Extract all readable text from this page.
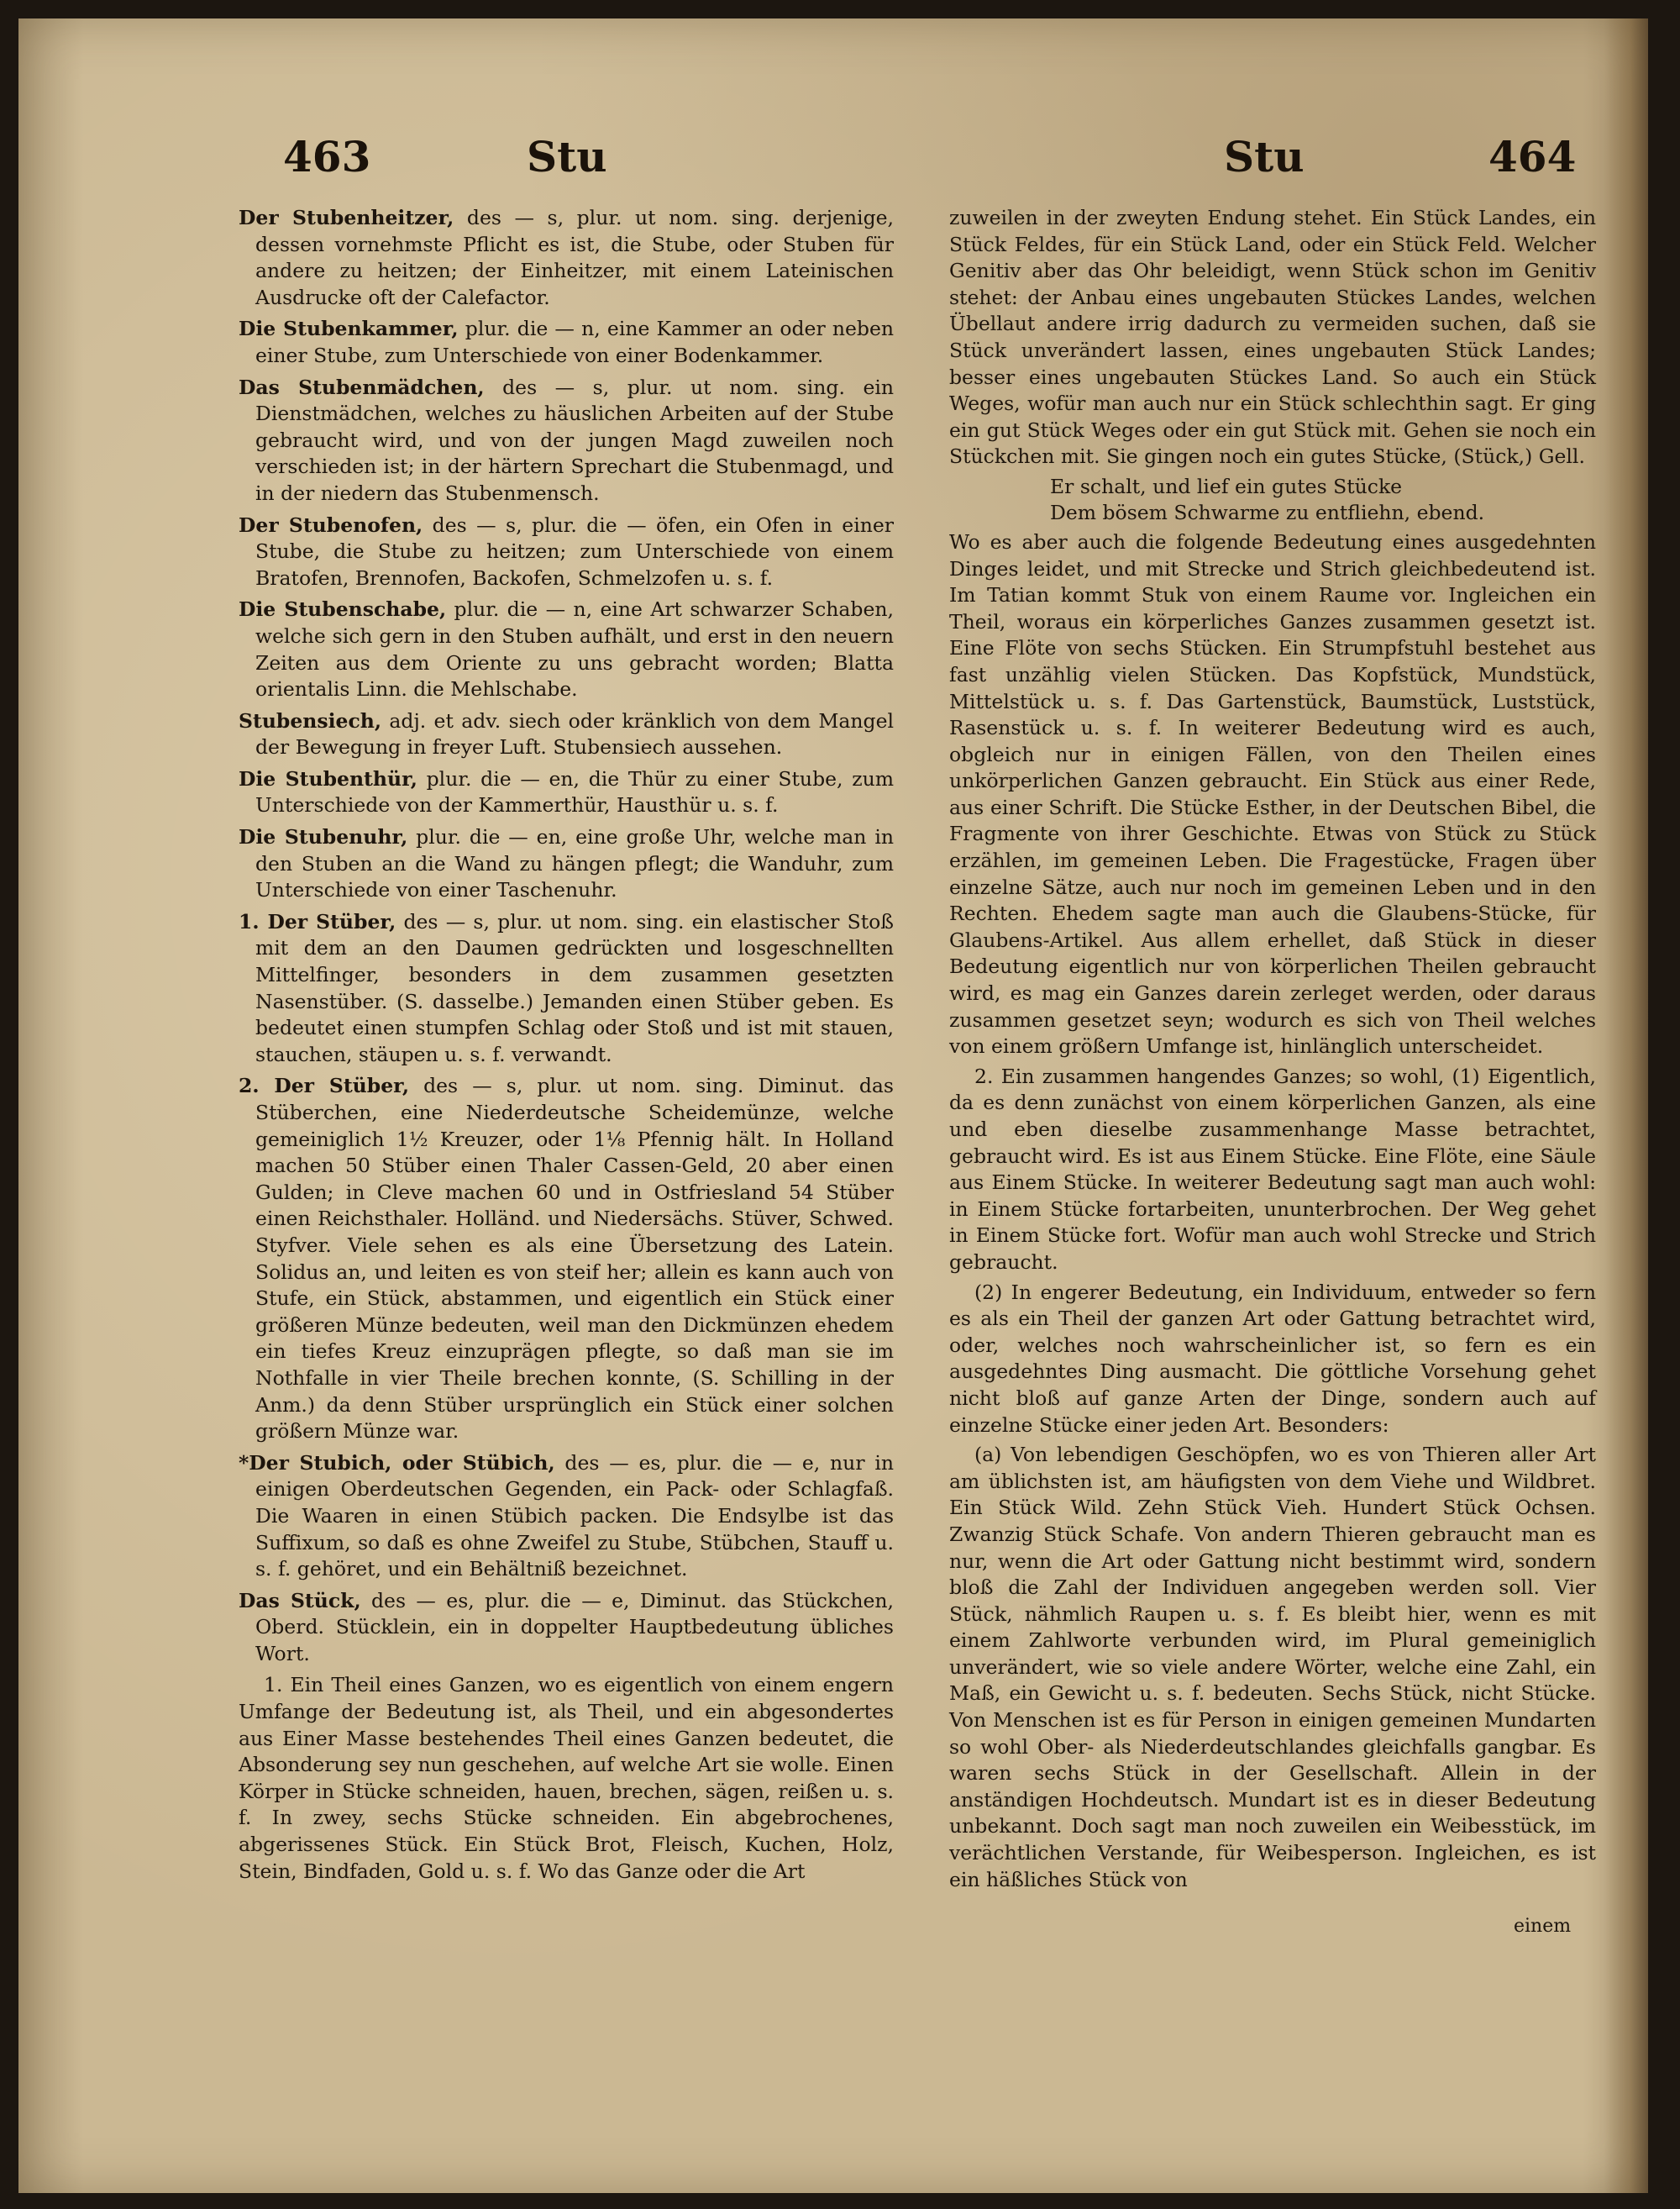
463	Stu	Stu	464
Der Stubenheitzer, des — s, plur. ut nom. sing. derjenige, dessen vornehmste Pflicht es ist, die Stube, oder Stuben für andere zu heitzen; der Einheitzer, mit einem Lateinischen Ausdrucke oft der Calefactor.
Die Stubenkammer, plur. die — n, eine Kammer an oder neben einer Stube, zum Unterschiede von einer Bodenkammer.
Das Stubenmädchen, des — s, plur. ut nom. sing. ein Dienstmädchen, welches zu häuslichen Arbeiten auf der Stube gebraucht wird, und von der jungen Magd zuweilen noch verschieden ist; in der härtern Sprechart die Stubenmagd, und in der niedern das Stubenmensch.
Der Stubenofen, des — s, plur. die — öfen, ein Ofen in einer Stube, die Stube zu heitzen; zum Unterschiede von einem Bratofen, Brennofen, Backofen, Schmelzofen u. s. f.
Die Stubenschabe, plur. die — n, eine Art schwarzer Schaben, welche sich gern in den Stuben aufhält, und erst in den neuern Zeiten aus dem Oriente zu uns gebracht worden; Blatta orientalis Linn. die Mehlschabe.
Stubensiech, adj. et adv. siech oder kränklich von dem Mangel der Bewegung in freyer Luft. Stubensiech aussehen.
Die Stubenthür, plur. die — en, die Thür zu einer Stube, zum Unterschiede von der Kammerthür, Hausthür u. s. f.
Die Stubenuhr, plur. die — en, eine große Uhr, welche man in den Stuben an die Wand zu hängen pflegt; die Wanduhr, zum Unterschiede von einer Taschenuhr.
1. Der Stüber, des — s, plur. ut nom. sing. ein elastischer Stoß mit dem an den Daumen gedrückten und losgeschnellten Mittelfinger, besonders in dem zusammen gesetzten Nasenstüber. (S. dasselbe.) Jemanden einen Stüber geben. Es bedeutet einen stumpfen Schlag oder Stoß und ist mit stauen, stauchen, stäupen u. s. f. verwandt.
2. Der Stüber, des — s, plur. ut nom. sing. Diminut. das Stüberchen, eine Niederdeutsche Scheidemünze, welche gemeiniglich 1½ Kreuzer, oder 1⅛ Pfennig hält. In Holland machen 50 Stüber einen Thaler Cassen-Geld, 20 aber einen Gulden; in Cleve machen 60 und in Ostfriesland 54 Stüber einen Reichsthaler. Holländ. und Niedersächs. Stüver, Schwed. Styfver. Viele sehen es als eine Übersetzung des Latein. Solidus an, und leiten es von steif her; allein es kann auch von Stufe, ein Stück, abstammen, und eigentlich ein Stück einer größeren Münze bedeuten, weil man den Dickmünzen ehedem ein tiefes Kreuz einzuprägen pflegte, so daß man sie im Nothfalle in vier Theile brechen konnte, (S. Schilling in der Anm.) da denn Stüber ursprünglich ein Stück einer solchen größern Münze war.
*Der Stubich, oder Stübich, des — es, plur. die — e, nur in einigen Oberdeutschen Gegenden, ein Pack- oder Schlagfaß. Die Waaren in einen Stübich packen. Die Endsylbe ist das Suffixum, so daß es ohne Zweifel zu Stube, Stübchen, Stauff u. s. f. gehöret, und ein Behältniß bezeichnet.
Das Stück, des — es, plur. die — e, Diminut. das Stückchen, Oberd. Stücklein, ein in doppelter Hauptbedeutung übliches Wort.
1. Ein Theil eines Ganzen, wo es eigentlich von einem engern Umfange der Bedeutung ist, als Theil, und ein abgesondertes aus Einer Masse bestehendes Theil eines Ganzen bedeutet, die Absonderung sey nun geschehen, auf welche Art sie wolle. Einen Körper in Stücke schneiden, hauen, brechen, sägen, reißen u. s. f. In zwey, sechs Stücke schneiden. Ein abgebrochenes, abgerissenes Stück. Ein Stück Brot, Fleisch, Kuchen, Holz, Stein, Bindfaden, Gold u. s. f. Wo das Ganze oder die Art
zuweilen in der zweyten Endung stehet. Ein Stück Landes, ein Stück Feldes, für ein Stück Land, oder ein Stück Feld. Welcher Genitiv aber das Ohr beleidigt, wenn Stück schon im Genitiv stehet: der Anbau eines ungebauten Stückes Landes, welchen Übellaut andere irrig dadurch zu vermeiden suchen, daß sie Stück unverändert lassen, eines ungebauten Stück Landes; besser eines ungebauten Stückes Land. So auch ein Stück Weges, wofür man auch nur ein Stück schlechthin sagt. Er ging ein gut Stück Weges oder ein gut Stück mit. Gehen sie noch ein Stückchen mit. Sie gingen noch ein gutes Stücke, (Stück,) Gell.
Er schalt, und lief ein gutes Stücke
Dem bösem Schwarme zu entfliehn, ebend.
Wo es aber auch die folgende Bedeutung eines ausgedehnten Dinges leidet, und mit Strecke und Strich gleichbedeutend ist. Im Tatian kommt Stuk von einem Raume vor. Ingleichen ein Theil, woraus ein körperliches Ganzes zusammen gesetzt ist. Eine Flöte von sechs Stücken. Ein Strumpfstuhl bestehet aus fast unzählig vielen Stücken. Das Kopfstück, Mundstück, Mittelstück u. s. f. Das Gartenstück, Baumstück, Luststück, Rasenstück u. s. f. In weiterer Bedeutung wird es auch, obgleich nur in einigen Fällen, von den Theilen eines unkörperlichen Ganzen gebraucht. Ein Stück aus einer Rede, aus einer Schrift. Die Stücke Esther, in der Deutschen Bibel, die Fragmente von ihrer Geschichte. Etwas von Stück zu Stück erzählen, im gemeinen Leben. Die Fragestücke, Fragen über einzelne Sätze, auch nur noch im gemeinen Leben und in den Rechten. Ehedem sagte man auch die Glaubens-Stücke, für Glaubens-Artikel. Aus allem erhellet, daß Stück in dieser Bedeutung eigentlich nur von körperlichen Theilen gebraucht wird, es mag ein Ganzes darein zerleget werden, oder daraus zusammen gesetzet seyn; wodurch es sich von Theil welches von einem größern Umfange ist, hinlänglich unterscheidet.
2. Ein zusammen hangendes Ganzes; so wohl, (1) Eigentlich, da es denn zunächst von einem körperlichen Ganzen, als eine und eben dieselbe zusammenhange Masse betrachtet, gebraucht wird. Es ist aus Einem Stücke. Eine Flöte, eine Säule aus Einem Stücke. In weiterer Bedeutung sagt man auch wohl: in Einem Stücke fortarbeiten, ununterbrochen. Der Weg gehet in Einem Stücke fort. Wofür man auch wohl Strecke und Strich gebraucht.
(2) In engerer Bedeutung, ein Individuum, entweder so fern es als ein Theil der ganzen Art oder Gattung betrachtet wird, oder, welches noch wahrscheinlicher ist, so fern es ein ausgedehntes Ding ausmacht. Die göttliche Vorsehung gehet nicht bloß auf ganze Arten der Dinge, sondern auch auf einzelne Stücke einer jeden Art. Besonders:
(a) Von lebendigen Geschöpfen, wo es von Thieren aller Art am üblichsten ist, am häufigsten von dem Viehe und Wildbret. Ein Stück Wild. Zehn Stück Vieh. Hundert Stück Ochsen. Zwanzig Stück Schafe. Von andern Thieren gebraucht man es nur, wenn die Art oder Gattung nicht bestimmt wird, sondern bloß die Zahl der Individuen angegeben werden soll. Vier Stück, nähmlich Raupen u. s. f. Es bleibt hier, wenn es mit einem Zahlworte verbunden wird, im Plural gemeiniglich unverändert, wie so viele andere Wörter, welche eine Zahl, ein Maß, ein Gewicht u. s. f. bedeuten. Sechs Stück, nicht Stücke. Von Menschen ist es für Person in einigen gemeinen Mundarten so wohl Ober- als Niederdeutschlandes gleichfalls gangbar. Es waren sechs Stück in der Gesellschaft. Allein in der anständigen Hochdeutsch. Mundart ist es in dieser Bedeutung unbekannt. Doch sagt man noch zuweilen ein Weibesstück, im verächtlichen Verstande, für Weibesperson. Ingleichen, es ist ein häßliches Stück von
einem
